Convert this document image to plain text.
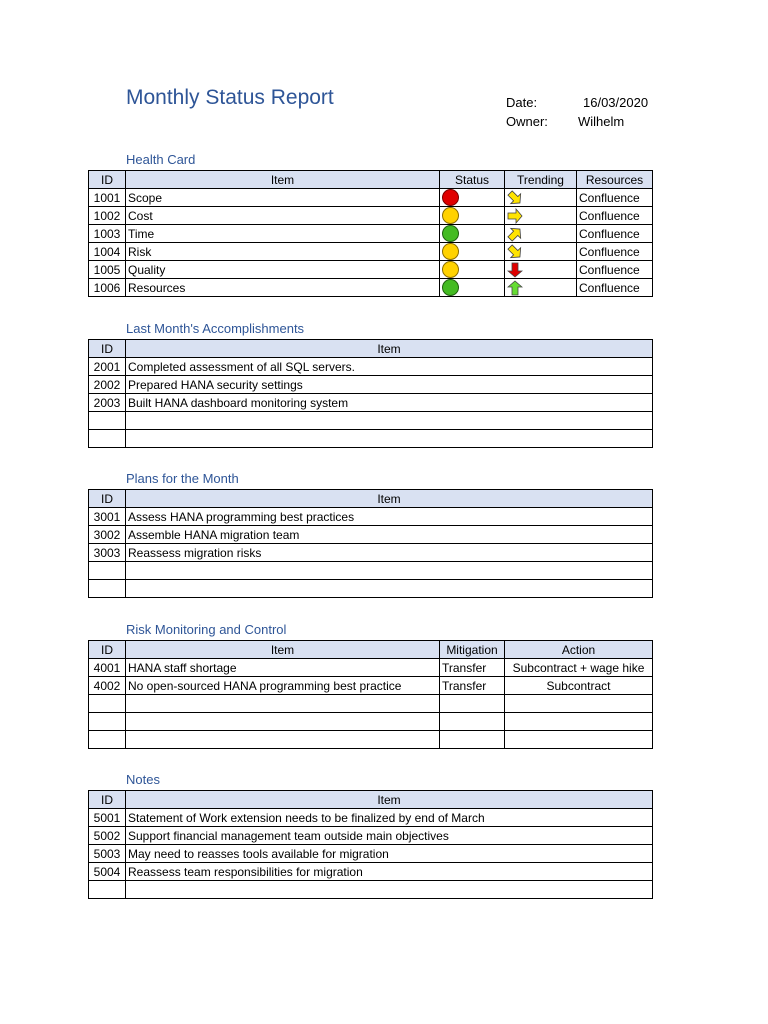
Monthly Status Report	Date:	16/03/2020
Owner: Wilhelm
Health Card
ID	Item	Status	Trending	Resources
1001	Scope			Confluence
1002	Cost			Confluence
1003	Time			Confluence
1004	Risk			Confluence
1005	Quality			Confluence
1006	Resources			Confluence
Last Month's Accomplishments
ID	Item
2001	Completed assessment of all SQL servers.
2002	Prepared HANA security settings
2003	Built HANA dashboard monitoring system

Plans for the Month
ID	Item
3001	Assess HANA programming best practices
3002	Assemble HANA migration team
3003	Reassess migration risks

Risk Monitoring and Control
ID	Item	Mitigation	Action
4001	HANA staff shortage	Transfer	Subcontract + wage hike
4002	No open-sourced HANA programming best practice	Transfer	Subcontract

Notes
ID	Item
5001	Statement of Work extension needs to be finalized by end of March
5002	Support financial management team outside main objectives
5003	May need to reasses tools available for migration
5004	Reassess team responsibilities for migration
